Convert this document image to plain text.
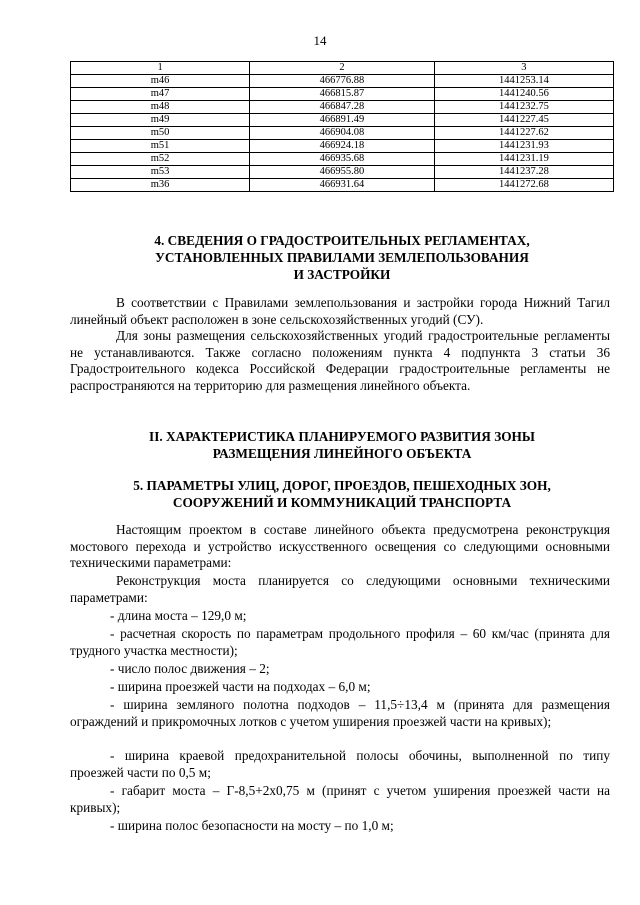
14
1	2	3
m46	466776.88	1441253.14
m47	466815.87	1441240.56
m48	466847.28	1441232.75
m49	466891.49	1441227.45
m50	466904.08	1441227.62
m51	466924.18	1441231.93
m52	466935.68	1441231.19
m53	466955.80	1441237.28
m36	466931.64	1441272.68
4. СВЕДЕНИЯ О ГРАДОСТРОИТЕЛЬНЫХ РЕГЛАМЕНТАХ,
УСТАНОВЛЕННЫХ ПРАВИЛАМИ ЗЕМЛЕПОЛЬЗОВАНИЯ
И ЗАСТРОЙКИ

В соответствии с Правилами землепользования и застройки города Нижний Тагил линейный объект расположен в зоне сельскохозяйственных угодий (СУ).

Для зоны размещения сельскохозяйственных угодий градостроительные регламенты не устанавливаются. Также согласно положениям пункта 4 подпункта 3 статьи 36 Градостроительного кодекса Российской Федерации градостроительные регламенты не распространяются на территорию для размещения линейного объекта.

II. ХАРАКТЕРИСТИКА ПЛАНИРУЕМОГО РАЗВИТИЯ ЗОНЫ
РАЗМЕЩЕНИЯ ЛИНЕЙНОГО ОБЪЕКТА
5. ПАРАМЕТРЫ УЛИЦ, ДОРОГ, ПРОЕЗДОВ, ПЕШЕХОДНЫХ ЗОН,
СООРУЖЕНИЙ И КОММУНИКАЦИЙ ТРАНСПОРТА

Настоящим проектом в составе линейного объекта предусмотрена реконструкция мостового перехода и устройство искусственного освещения со следующими основными техническими параметрами:

Реконструкция моста планируется со следующими основными техническими параметрами:

- длина моста – 129,0 м;

- расчетная скорость по параметрам продольного профиля – 60 км/час (принята для трудного участка местности);

- число полос движения – 2;

- ширина проезжей части на подходах – 6,0 м;

- ширина земляного полотна подходов – 11,5÷13,4 м (принята для размещения ограждений и прикромочных лотков с учетом уширения проезжей части на кривых);

- ширина краевой предохранительной полосы обочины, выполненной по типу проезжей части по 0,5 м;

- габарит моста – Г-8,5+2х0,75 м (принят с учетом уширения проезжей части на кривых);

- ширина полос безопасности на мосту – по 1,0 м;
